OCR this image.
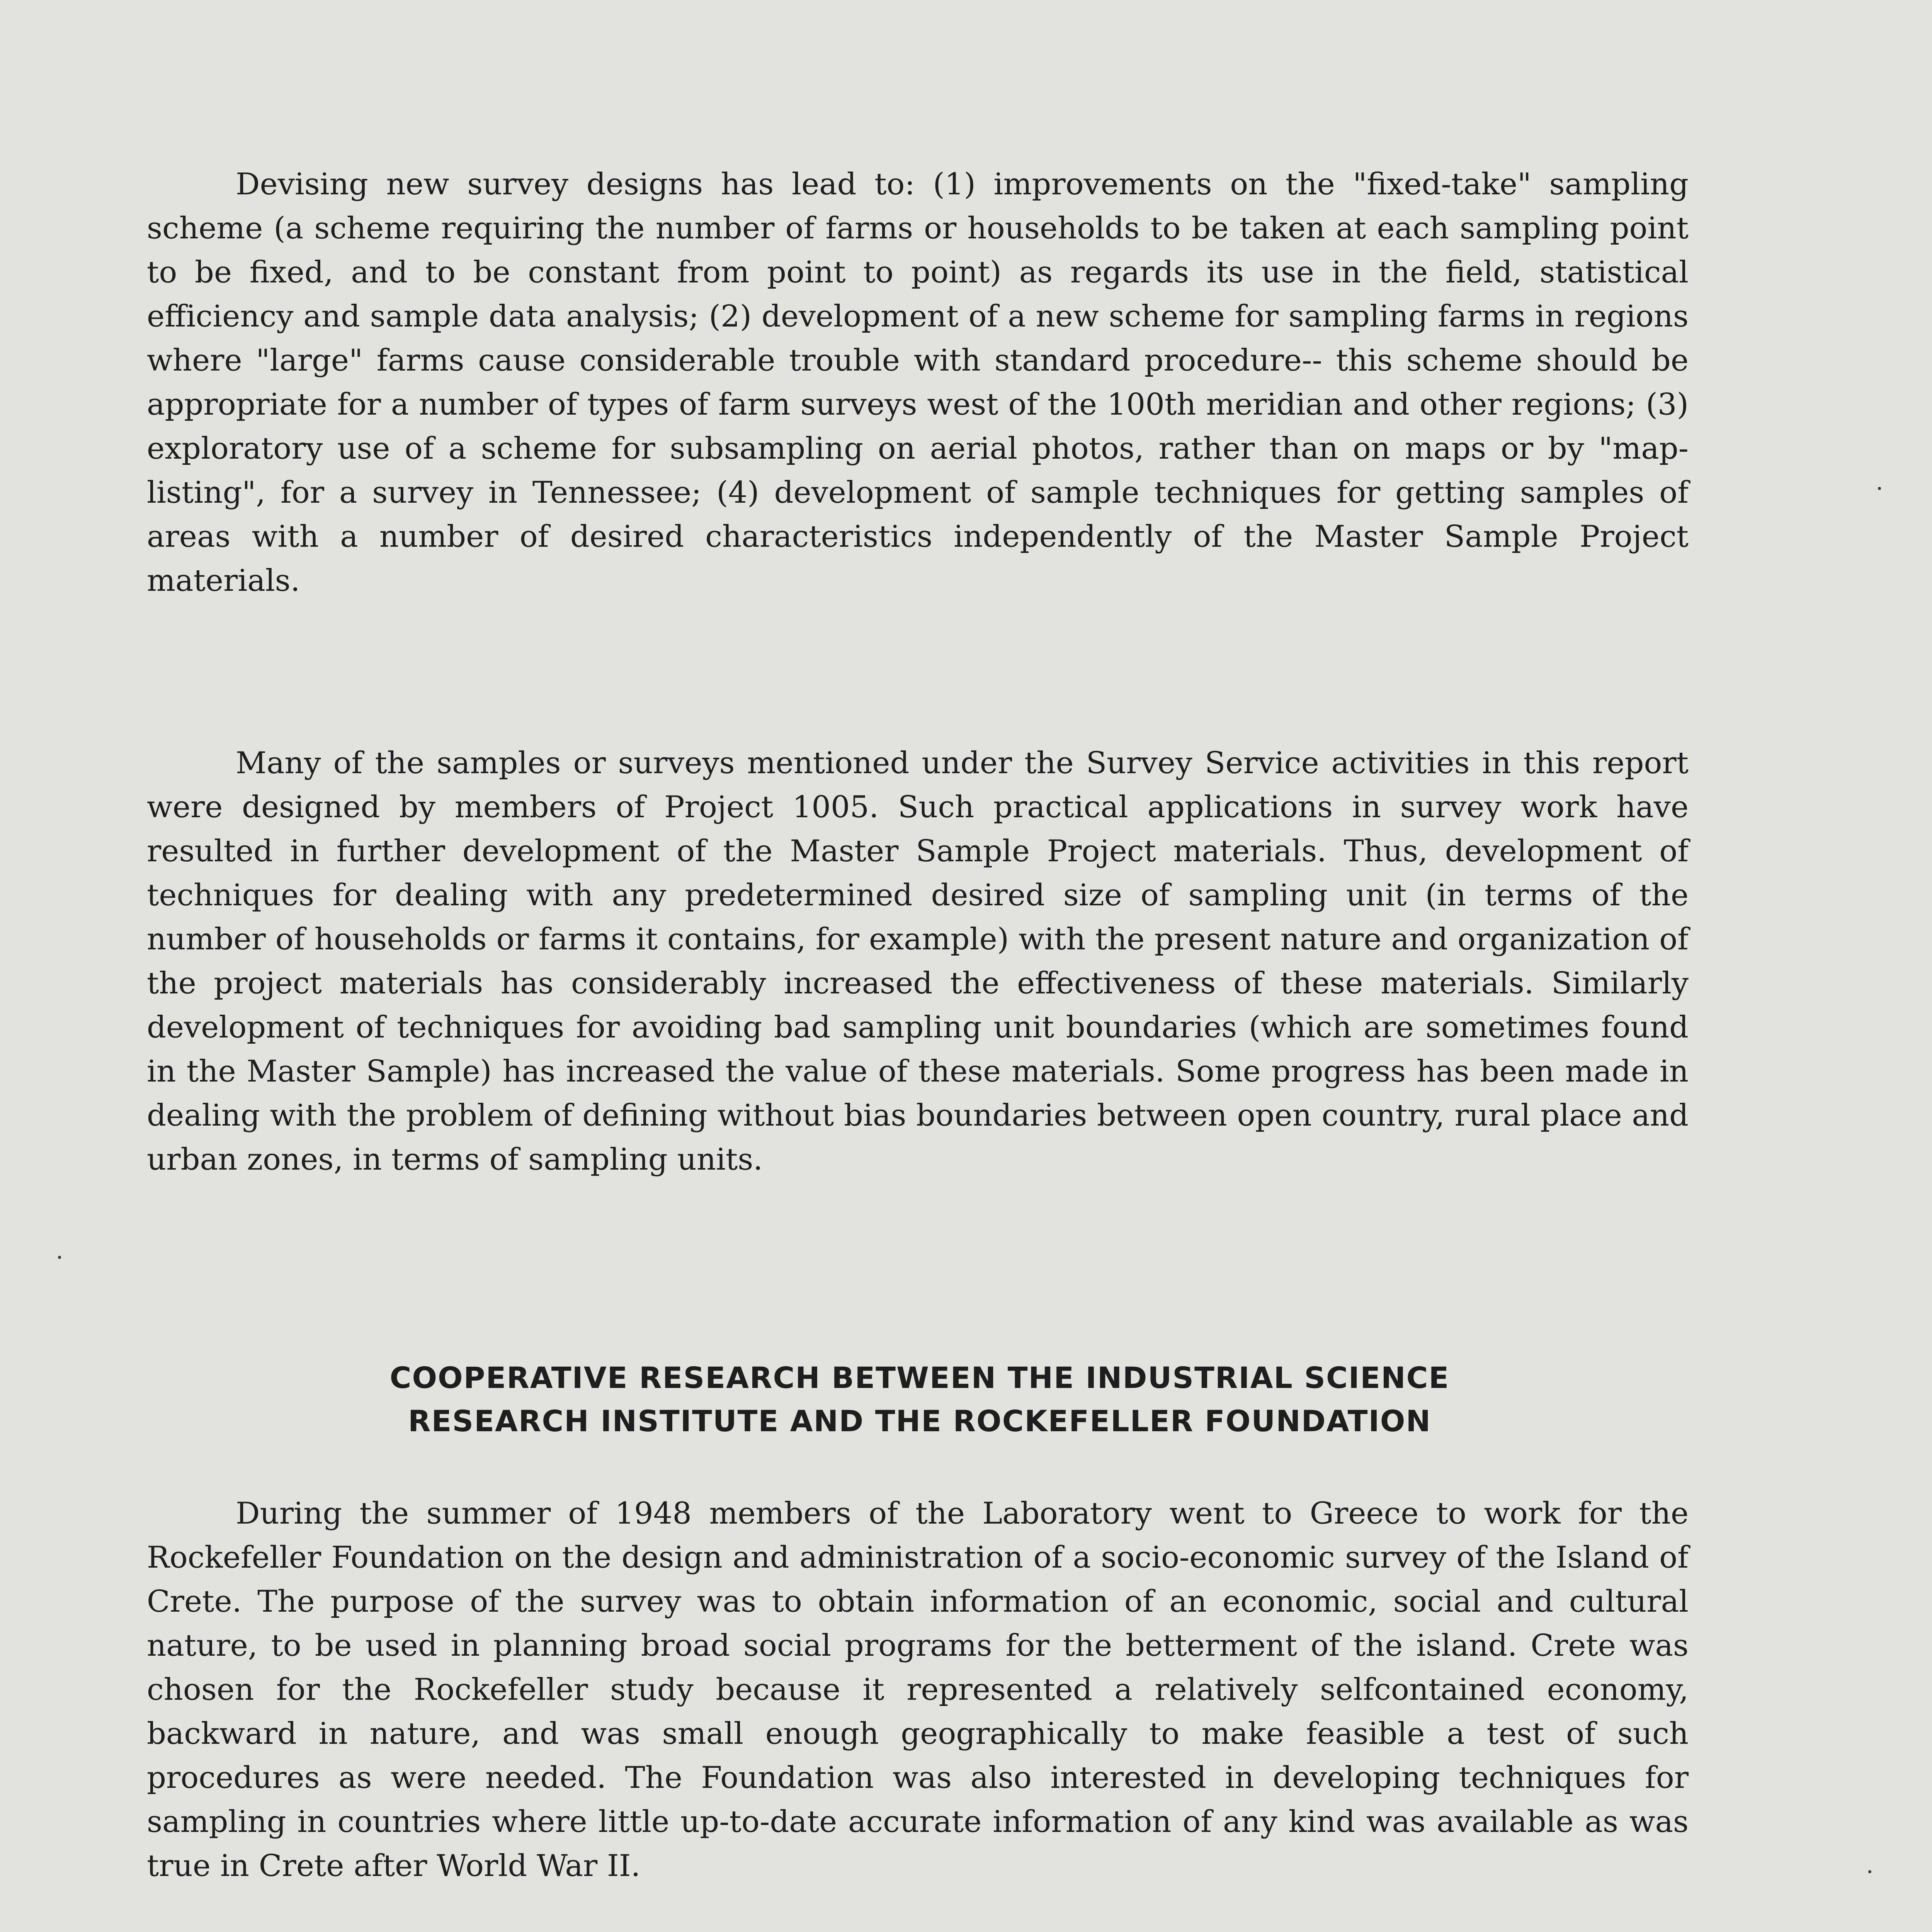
Devising new survey designs has lead to: (1) improvements on the "fixed-take" sampling scheme (a scheme requiring the number of farms or households to be taken at each sampling point to be fixed, and to be constant from point to point) as regards its use in the field, statistical efficiency and sample data analysis; (2) development of a new scheme for sampling farms in regions where "large" farms cause considerable trouble with standard procedure-- this scheme should be appropriate for a number of types of farm surveys west of the 100th meridian and other regions; (3) exploratory use of a scheme for subsampling on aerial photos, rather than on maps or by "map-listing", for a survey in Tennessee; (4) development of sample techniques for getting samples of areas with a number of desired characteristics independently of the Master Sample Project materials.

Many of the samples or surveys mentioned under the Survey Service activities in this report were designed by members of Project 1005. Such practical applications in survey work have resulted in further development of the Master Sample Project materials. Thus, development of techniques for dealing with any predetermined desired size of sampling unit (in terms of the number of households or farms it contains, for example) with the present nature and organization of the project materials has considerably increased the effectiveness of these materials. Similarly development of techniques for avoiding bad sampling unit boundaries (which are sometimes found in the Master Sample) has increased the value of these materials. Some progress has been made in dealing with the problem of defining without bias boundaries between open country, rural place and urban zones, in terms of sampling units.

COOPERATIVE RESEARCH BETWEEN THE INDUSTRIAL SCIENCE
RESEARCH INSTITUTE AND THE ROCKEFELLER FOUNDATION

During the summer of 1948 members of the Laboratory went to Greece to work for the Rockefeller Foundation on the design and administration of a socio-economic survey of the Island of Crete. The purpose of the survey was to obtain information of an economic, social and cultural nature, to be used in planning broad social programs for the betterment of the island. Crete was chosen for the Rockefeller study because it represented a relatively selfcontained economy, backward in nature, and was small enough geographically to make feasible a test of such procedures as were needed. The Foundation was also interested in developing techniques for sampling in countries where little up-to-date accurate information of any kind was available as was true in Crete after World War II.
